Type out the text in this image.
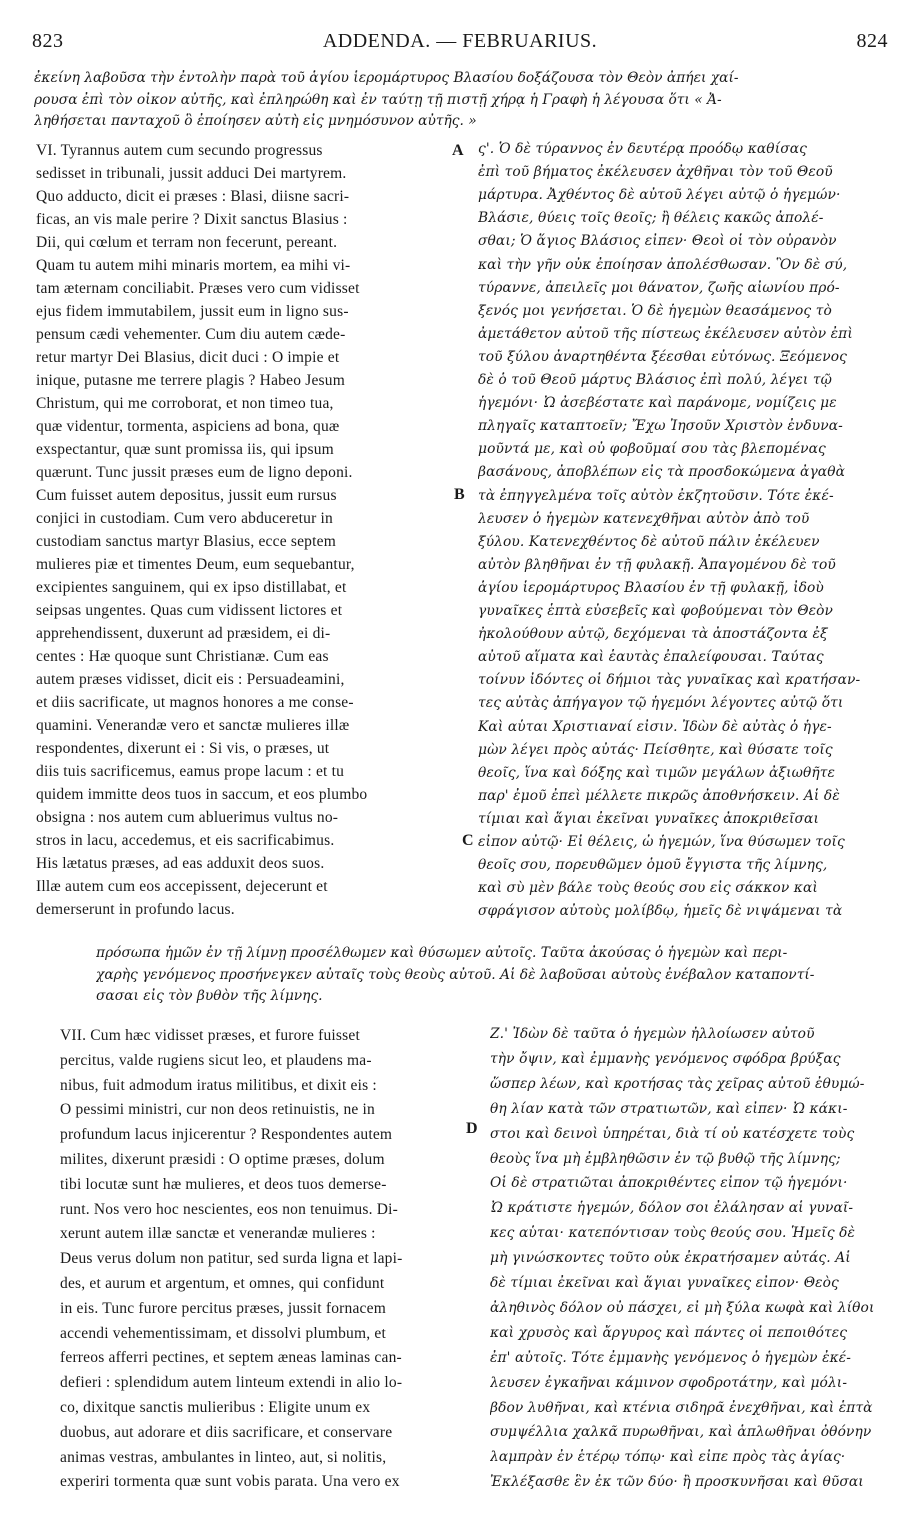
823	ADDENDA. — FEBRUARIUS.	824
ἐκείνη λαβοῦσα τὴν ἐντολὴν παρὰ τοῦ ἁγίου ἱερομάρτυρος Βλασίου δοξάζουσα τὸν Θεὸν ἀπήει χαί-
ρουσα ἐπὶ τὸν οἶκον αὐτῆς, καὶ ἐπληρώθη καὶ ἐν ταύτῃ τῇ πιστῇ χήρᾳ ἡ Γραφὴ ἡ λέγουσα ὅτι « Ἀ-
ληθήσεται πανταχοῦ ὃ ἐποίησεν αὐτὴ εἰς μνημόσυνον αὐτῆς. »
VI. Tyrannus autem cum secundo progressus
sedisset in tribunali, jussit adduci Dei martyrem.
Quo adducto, dicit ei præses : Blasi, diisne sacri-
ficas, an vis male perire ? Dixit sanctus Blasius :
Dii, qui cœlum et terram non fecerunt, pereant.
Quam tu autem mihi minaris mortem, ea mihi vi-
tam æternam conciliabit. Præses vero cum vidisset
ejus fidem immutabilem, jussit eum in ligno sus-
pensum cædi vehementer. Cum diu autem cæde-
retur martyr Dei Blasius, dicit duci : O impie et
inique, putasne me terrere plagis ? Habeo Jesum
Christum, qui me corroborat, et non timeo tua,
quæ videntur, tormenta, aspiciens ad bona, quæ
exspectantur, quæ sunt promissa iis, qui ipsum
quærunt. Tunc jussit præses eum de ligno deponi.
Cum fuisset autem depositus, jussit eum rursus
conjici in custodiam. Cum vero abduceretur in
custodiam sanctus martyr Blasius, ecce septem
mulieres piæ et timentes Deum, eum sequebantur,
excipientes sanguinem, qui ex ipso distillabat, et
seipsas ungentes. Quas cum vidissent lictores et
apprehendissent, duxerunt ad præsidem, ei di-
centes : Hæ quoque sunt Christianæ. Cum eas
autem præses vidisset, dicit eis : Persuadeamini,
et diis sacrificate, ut magnos honores a me conse-
quamini. Venerandæ vero et sanctæ mulieres illæ
respondentes, dixerunt ei : Si vis, o præses, ut
diis tuis sacrificemus, eamus prope lacum : et tu
quidem immitte deos tuos in saccum, et eos plumbo
obsigna : nos autem cum abluerimus vultus no-
stros in lacu, accedemus, et eis sacrificabimus.
His lætatus præses, ad eas adduxit deos suos.
Illæ autem cum eos accepissent, dejecerunt et
demerserunt in profundo lacus.
ς'. Ὁ δὲ τύραννος ἐν δευτέρᾳ προόδῳ καθίσας
ἐπὶ τοῦ βήματος ἐκέλευσεν ἀχθῆναι τὸν τοῦ Θεοῦ
μάρτυρα. Ἀχθέντος δὲ αὐτοῦ λέγει αὐτῷ ὁ ἡγεμών·
Βλάσιε, θύεις τοῖς θεοῖς; ἢ θέλεις κακῶς ἀπολέ-
σθαι; Ὁ ἅγιος Βλάσιος εἶπεν· Θεοὶ οἱ τὸν οὐρανὸν
καὶ τὴν γῆν οὐκ ἐποίησαν ἀπολέσθωσαν. Ὃν δὲ σύ,
τύραννε, ἀπειλεῖς μοι θάνατον, ζωῆς αἰωνίου πρό-
ξενός μοι γενήσεται. Ὁ δὲ ἡγεμὼν θεασάμενος τὸ
ἀμετάθετον αὐτοῦ τῆς πίστεως ἐκέλευσεν αὐτὸν ἐπὶ
τοῦ ξύλου ἀναρτηθέντα ξέεσθαι εὐτόνως. Ξεόμενος
δὲ ὁ τοῦ Θεοῦ μάρτυς Βλάσιος ἐπὶ πολύ, λέγει τῷ
ἡγεμόνι· Ὦ ἀσεβέστατε καὶ παράνομε, νομίζεις με
πληγαῖς καταπτοεῖν; Ἔχω Ἰησοῦν Χριστὸν ἐνδυνα-
μοῦντά με, καὶ οὐ φοβοῦμαί σου τὰς βλεπομένας
βασάνους, ἀποβλέπων εἰς τὰ προσδοκώμενα ἀγαθὰ
τὰ ἐπηγγελμένα τοῖς αὐτὸν ἐκζητοῦσιν. Τότε ἐκέ-
λευσεν ὁ ἡγεμὼν κατενεχθῆναι αὐτὸν ἀπὸ τοῦ
ξύλου. Κατενεχθέντος δὲ αὐτοῦ πάλιν ἐκέλευεν
αὐτὸν βληθῆναι ἐν τῇ φυλακῇ. Ἀπαγομένου δὲ τοῦ
ἁγίου ἱερομάρτυρος Βλασίου ἐν τῇ φυλακῇ, ἰδοὺ
γυναῖκες ἑπτὰ εὐσεβεῖς καὶ φοβούμεναι τὸν Θεὸν
ἠκολούθουν αὐτῷ, δεχόμεναι τὰ ἀποστάζοντα ἐξ
αὐτοῦ αἵματα καὶ ἑαυτὰς ἐπαλείφουσαι. Ταύτας
τοίνυν ἰδόντες οἱ δήμιοι τὰς γυναῖκας καὶ κρατήσαν-
τες αὐτὰς ἀπήγαγον τῷ ἡγεμόνι λέγοντες αὐτῷ ὅτι
Καὶ αὗται Χριστιαναί εἰσιν. Ἰδὼν δὲ αὐτὰς ὁ ἡγε-
μὼν λέγει πρὸς αὐτάς· Πείσθητε, καὶ θύσατε τοῖς
θεοῖς, ἵνα καὶ δόξης καὶ τιμῶν μεγάλων ἀξιωθῆτε
παρ' ἐμοῦ ἐπεὶ μέλλετε πικρῶς ἀποθνήσκειν. Αἱ δὲ
τίμιαι καὶ ἅγιαι ἐκεῖναι γυναῖκες ἀποκριθεῖσαι
εἶπον αὐτῷ· Εἰ θέλεις, ὦ ἡγεμών, ἵνα θύσωμεν τοῖς
θεοῖς σου, πορευθῶμεν ὁμοῦ ἔγγιστα τῆς λίμνης,
καὶ σὺ μὲν βάλε τοὺς θεούς σου εἰς σάκκον καὶ
σφράγισον αὐτοὺς μολίβδῳ, ἡμεῖς δὲ νιψάμεναι τὰ
πρόσωπα ἡμῶν ἐν τῇ λίμνῃ προσέλθωμεν καὶ θύσωμεν αὐτοῖς. Ταῦτα ἀκούσας ὁ ἡγεμὼν καὶ περι-
χαρὴς γενόμενος προσήνεγκεν αὐταῖς τοὺς θεοὺς αὐτοῦ. Αἱ δὲ λαβοῦσαι αὐτοὺς ἐνέβαλον καταποντί-
σασαι εἰς τὸν βυθὸν τῆς λίμνης.
VII. Cum hæc vidisset præses, et furore fuisset
percitus, valde rugiens sicut leo, et plaudens ma-
nibus, fuit admodum iratus militibus, et dixit eis :
O pessimi ministri, cur non deos retinuistis, ne in
profundum lacus injicerentur ? Respondentes autem
milites, dixerunt præsidi : O optime præses, dolum
tibi locutæ sunt hæ mulieres, et deos tuos demerse-
runt. Nos vero hoc nescientes, eos non tenuimus. Di-
xerunt autem illæ sanctæ et venerandæ mulieres :
Deus verus dolum non patitur, sed surda ligna et lapi-
des, et aurum et argentum, et omnes, qui confidunt
in eis. Tunc furore percitus præses, jussit fornacem
accendi vehementissimam, et dissolvi plumbum, et
ferreos afferri pectines, et septem æneas laminas can-
defieri : splendidum autem linteum extendi in alio lo-
co, dixitque sanctis mulieribus : Eligite unum ex
duobus, aut adorare et diis sacrificare, et conservare
animas vestras, ambulantes in linteo, aut, si nolitis,
experiri tormenta quæ sunt vobis parata. Una vero ex
Ζ.' Ἰδὼν δὲ ταῦτα ὁ ἡγεμὼν ἠλλοίωσεν αὐτοῦ
τὴν ὄψιν, καὶ ἐμμανὴς γενόμενος σφόδρα βρύξας
ὥσπερ λέων, καὶ κροτήσας τὰς χεῖρας αὐτοῦ ἐθυμώ-
θη λίαν κατὰ τῶν στρατιωτῶν, καὶ εἶπεν· Ὦ κάκι-
στοι καὶ δεινοὶ ὑπηρέται, διὰ τί οὐ κατέσχετε τοὺς
θεοὺς ἵνα μὴ ἐμβληθῶσιν ἐν τῷ βυθῷ τῆς λίμνης;
Οἱ δὲ στρατιῶται ἀποκριθέντες εἶπον τῷ ἡγεμόνι·
Ὦ κράτιστε ἡγεμών, δόλον σοι ἐλάλησαν αἱ γυναῖ-
κες αὗται· κατεπόντισαν τοὺς θεούς σου. Ἡμεῖς δὲ
μὴ γινώσκοντες τοῦτο οὐκ ἐκρατήσαμεν αὐτάς. Αἱ
δὲ τίμιαι ἐκεῖναι καὶ ἅγιαι γυναῖκες εἶπον· Θεὸς
ἀληθινὸς δόλον οὐ πάσχει, εἰ μὴ ξύλα κωφὰ καὶ λίθοι
καὶ χρυσὸς καὶ ἄργυρος καὶ πάντες οἱ πεποιθότες
ἐπ' αὐτοῖς. Τότε ἐμμανὴς γενόμενος ὁ ἡγεμὼν ἐκέ-
λευσεν ἐγκαῆναι κάμινον σφοδροτάτην, καὶ μόλι-
βδον λυθῆναι, καὶ κτένια σιδηρᾶ ἐνεχθῆναι, καὶ ἑπτὰ
συμψέλλια χαλκᾶ πυρωθῆναι, καὶ ἁπλωθῆναι ὀθόνην
λαμπρὰν ἐν ἑτέρῳ τόπῳ· καὶ εἶπε πρὸς τὰς ἁγίας·
Ἐκλέξασθε ἓν ἐκ τῶν δύο· ἢ προσκυνῆσαι καὶ θῦσαι
A
B
C
D
